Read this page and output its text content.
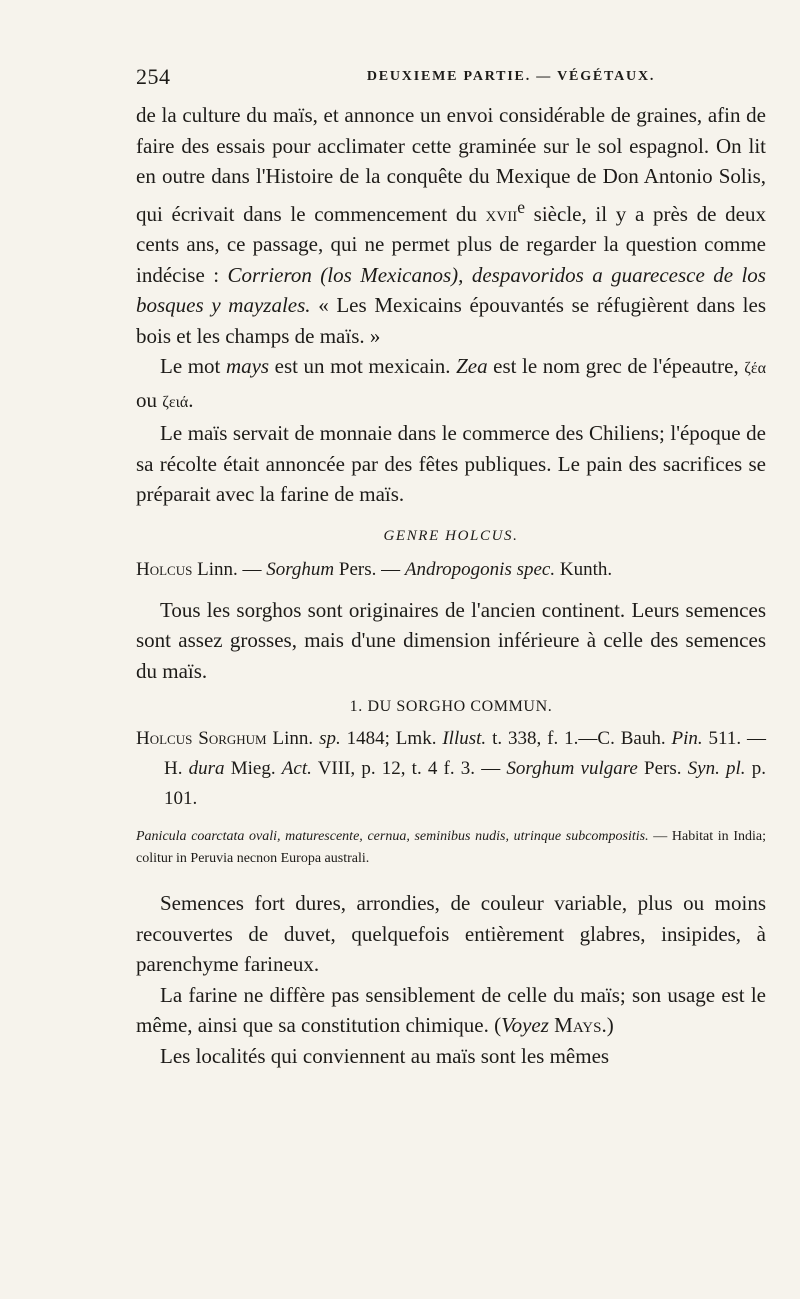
254	DEUXIEME PARTIE. — VÉGÉTAUX.

de la culture du maïs, et annonce un envoi considérable de graines, afin de faire des essais pour acclimater cette graminée sur le sol espagnol. On lit en outre dans l'Histoire de la conquête du Mexique de Don Antonio Solis, qui écrivait dans le commencement du xvii$^e$ siècle, il y a près de deux cents ans, ce passage, qui ne permet plus de regarder la question comme indécise : Corrieron (los Mexicanos), despavoridos a guarecesce de los bosques y mayzales. « Les Mexicains épouvantés se réfugièrent dans les bois et les champs de maïs. »

Le mot mays est un mot mexicain. Zea est le nom grec de l'épeautre, ζέα ou ζειά.

Le maïs servait de monnaie dans le commerce des Chiliens; l'époque de sa récolte était annoncée par des fêtes publiques. Le pain des sacrifices se préparait avec la farine de maïs.

GENRE HOLCUS.

Holcus Linn. — Sorghum Pers. — Andropogonis spec. Kunth.

Tous les sorghos sont originaires de l'ancien continent. Leurs semences sont assez grosses, mais d'une dimension inférieure à celle des semences du maïs.

1. DU SORGHO COMMUN.

Holcus Sorghum Linn. sp. 1484; Lmk. Illust. t. 338, f. 1.—C. Bauh. Pin. 511. — H. dura Mieg. Act. VIII, p. 12, t. 4 f. 3. — Sorghum vulgare Pers. Syn. pl. p. 101.

Panicula coarctata ovali, maturescente, cernua, seminibus nudis, utrinque subcompositis. — Habitat in India; colitur in Peruvia necnon Europa australi.

Semences fort dures, arrondies, de couleur variable, plus ou moins recouvertes de duvet, quelquefois entièrement glabres, insipides, à parenchyme farineux.

La farine ne diffère pas sensiblement de celle du maïs; son usage est le même, ainsi que sa constitution chimique. (Voyez Mays.)

Les localités qui conviennent au maïs sont les mêmes
